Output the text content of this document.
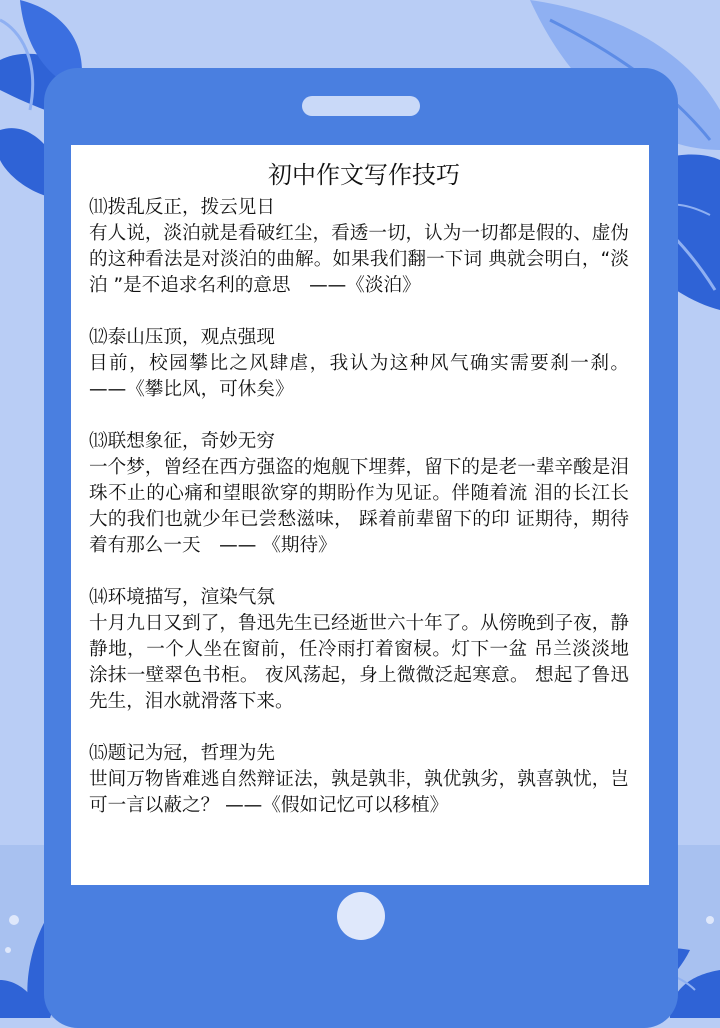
初中作文写作技巧

⑾拨乱反正，拨云见日

有人说，淡泊就是看破红尘，看透一切，认为一切都是假的、虚伪的这种看法是对淡泊的曲解。如果我们翻一下词 典就会明白，“淡泊 ”是不追求名利的意思　——《淡泊》

⑿泰山压顶，观点强现

目前，校园攀比之风肆虐，我认为这种风气确实需要刹一刹。 ——《攀比风，可休矣》

⒀联想象征，奇妙无穷

一个梦，曾经在西方强盗的炮舰下埋葬，留下的是老一辈辛酸是泪珠不止的心痛和望眼欲穿的期盼作为见证。伴随着流 泪的长江长大的我们也就少年已尝愁滋味， 踩着前辈留下的印 证期待，期待着有那么一天　—— 《期待》

⒁环境描写，渲染气氛

十月九日又到了，鲁迅先生已经逝世六十年了。从傍晚到子夜，静静地，一个人坐在窗前，任冷雨打着窗棂。灯下一盆 吊兰淡淡地涂抹一壁翠色书柜。 夜风荡起，身上微微泛起寒意。 想起了鲁迅先生，泪水就滑落下来。

⒂题记为冠，哲理为先

世间万物皆难逃自然辩证法，孰是孰非，孰优孰劣，孰喜孰忧，岂可一言以蔽之？ ——《假如记忆可以移植》
